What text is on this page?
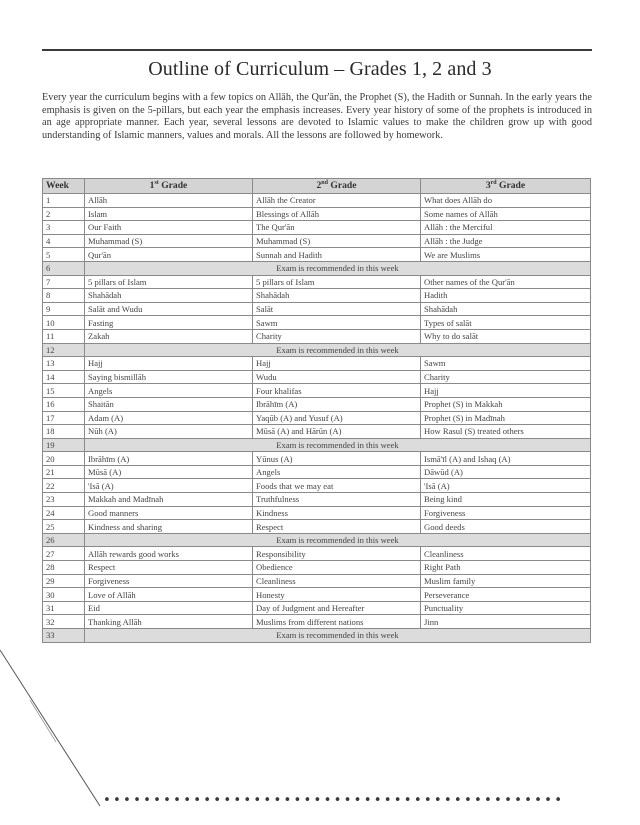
Outline of Curriculum – Grades 1, 2 and 3

Every year the curriculum begins with a few topics on Allāh, the Qur'ān, the Prophet (S), the Hadith or Sunnah. In the early years the emphasis is given on the 5-pillars, but each year the emphasis increases. Every year history of some of the prophets is introduced in an age appropriate manner. Each year, several lessons are devoted to Islamic values to make the children grow up with good understanding of Islamic manners, values and morals. All the lessons are followed by homework.

Week	1st Grade	2nd Grade	3rd Grade
1	Allāh	Allāh the Creator	What does Allāh do
2	Islam	Blessings of Allāh	Some names of Allāh
3	Our Faith	The Qur'ān	Allāh : the Merciful
4	Muhammad (S)	Muhammad (S)	Allāh : the Judge
5	Qur'ān	Sunnah and Hadith	We are Muslims
6	Exam is recommended in this week		
7	5 pillars of Islam	5 pillars of Islam	Other names of the Qur'ān
8	Shahādah	Shahādah	Hadith
9	Salāt and Wudu	Salāt	Shahādah
10	Fasting	Sawm	Types of salāt
11	Zakah	Charity	Why to do salāt
12	Exam is recommended in this week		
13	Hajj	Hajj	Sawm
14	Saying bismillāh	Wudu	Charity
15	Angels	Four khalifas	Hajj
16	Shaitān	Ibrāhīm (A)	Prophet (S) in Makkah
17	Adam (A)	Yaqūb (A) and Yusuf (A)	Prophet (S) in Madīnah
18	Nūh (A)	Mūsā (A) and Hārūn (A)	How Rasul (S) treated others
19	Exam is recommended in this week		
20	Ibrāhīm (A)	Yūnus (A)	Ismā'īl (A) and Ishaq (A)
21	Mūsā (A)	Angels	Dāwūd (A)
22	'Isā (A)	Foods that we may eat	'Isā (A)
23	Makkah and Madīnah	Truthfulness	Being kind
24	Good manners	Kindness	Forgiveness
25	Kindness and sharing	Respect	Good deeds
26	Exam is recommended in this week		
27	Allāh rewards good works	Responsibility	Cleanliness
28	Respect	Obedience	Right Path
29	Forgiveness	Cleanliness	Muslim family
30	Love of Allāh	Honesty	Perseverance
31	Eid	Day of Judgment and Hereafter	Punctuality
32	Thanking Allāh	Muslims from different nations	Jinn
33	Exam is recommended in this week		
••••••••••••••••••••••••••••••••••••••••••••••
